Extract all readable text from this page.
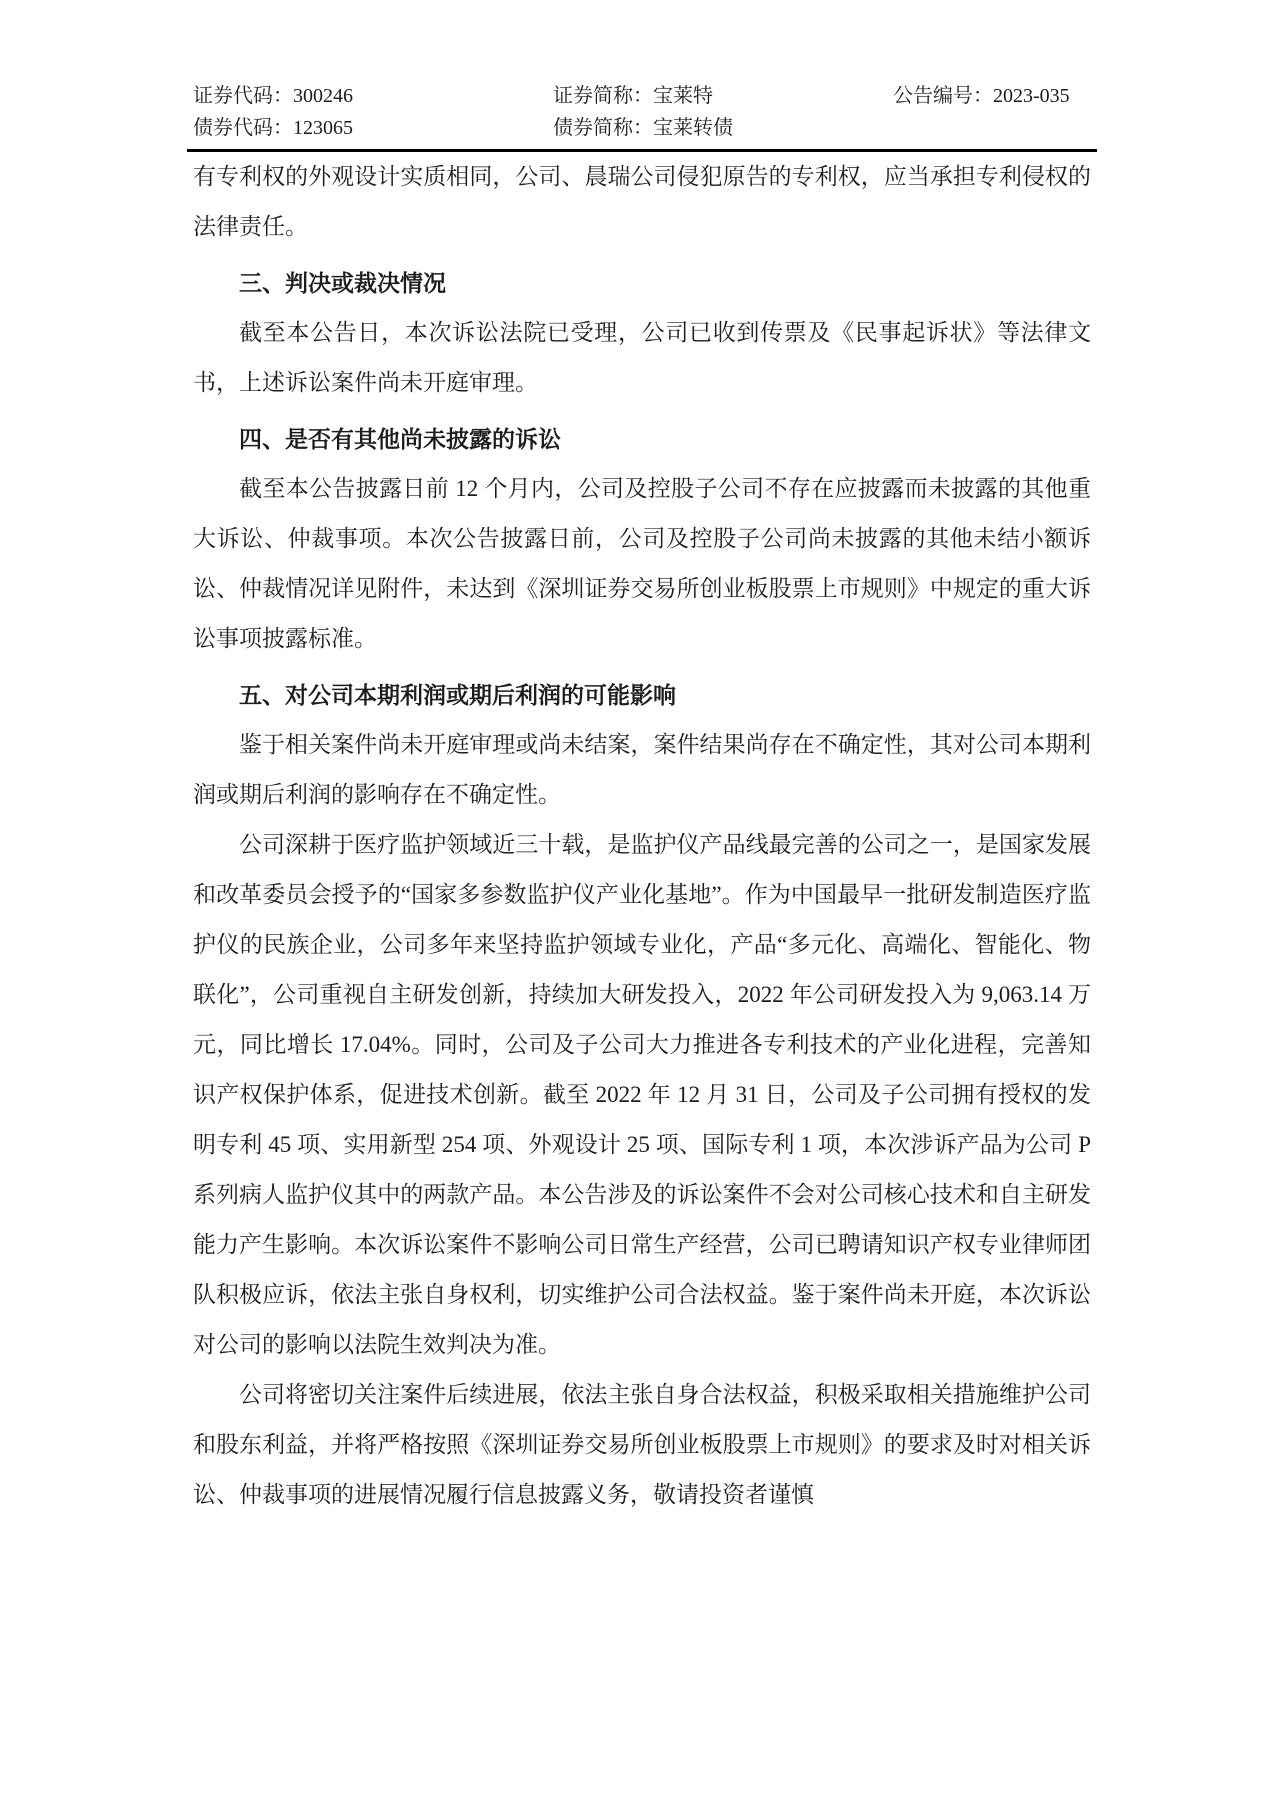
证券代码：300246	证券简称：宝莱特	公告编号：2023-035
债券代码：123065	债券简称：宝莱转债

有专利权的外观设计实质相同，公司、晨瑞公司侵犯原告的专利权，应当承担专利侵权的法律责任。

三、判决或裁决情况

截至本公告日，本次诉讼法院已受理，公司已收到传票及《民事起诉状》等法律文书，上述诉讼案件尚未开庭审理。

四、是否有其他尚未披露的诉讼

截至本公告披露日前 12 个月内，公司及控股子公司不存在应披露而未披露的其他重大诉讼、仲裁事项。本次公告披露日前，公司及控股子公司尚未披露的其他未结小额诉讼、仲裁情况详见附件，未达到《深圳证券交易所创业板股票上市规则》中规定的重大诉讼事项披露标准。

五、对公司本期利润或期后利润的可能影响

鉴于相关案件尚未开庭审理或尚未结案，案件结果尚存在不确定性，其对公司本期利润或期后利润的影响存在不确定性。

公司深耕于医疗监护领域近三十载，是监护仪产品线最完善的公司之一，是国家发展和改革委员会授予的“国家多参数监护仪产业化基地”。作为中国最早一批研发制造医疗监护仪的民族企业，公司多年来坚持监护领域专业化，产品“多元化、高端化、智能化、物联化”，公司重视自主研发创新，持续加大研发投入，2022 年公司研发投入为 9,063.14 万元，同比增长 17.04%。同时，公司及子公司大力推进各专利技术的产业化进程，完善知识产权保护体系，促进技术创新。截至 2022 年 12 月 31 日，公司及子公司拥有授权的发明专利 45 项、实用新型 254 项、外观设计 25 项、国际专利 1 项，本次涉诉产品为公司 P 系列病人监护仪其中的两款产品。本公告涉及的诉讼案件不会对公司核心技术和自主研发能力产生影响。本次诉讼案件不影响公司日常生产经营，公司已聘请知识产权专业律师团队积极应诉，依法主张自身权利，切实维护公司合法权益。鉴于案件尚未开庭，本次诉讼对公司的影响以法院生效判决为准。

公司将密切关注案件后续进展，依法主张自身合法权益，积极采取相关措施维护公司和股东利益，并将严格按照《深圳证券交易所创业板股票上市规则》的要求及时对相关诉讼、仲裁事项的进展情况履行信息披露义务，敬请投资者谨慎
